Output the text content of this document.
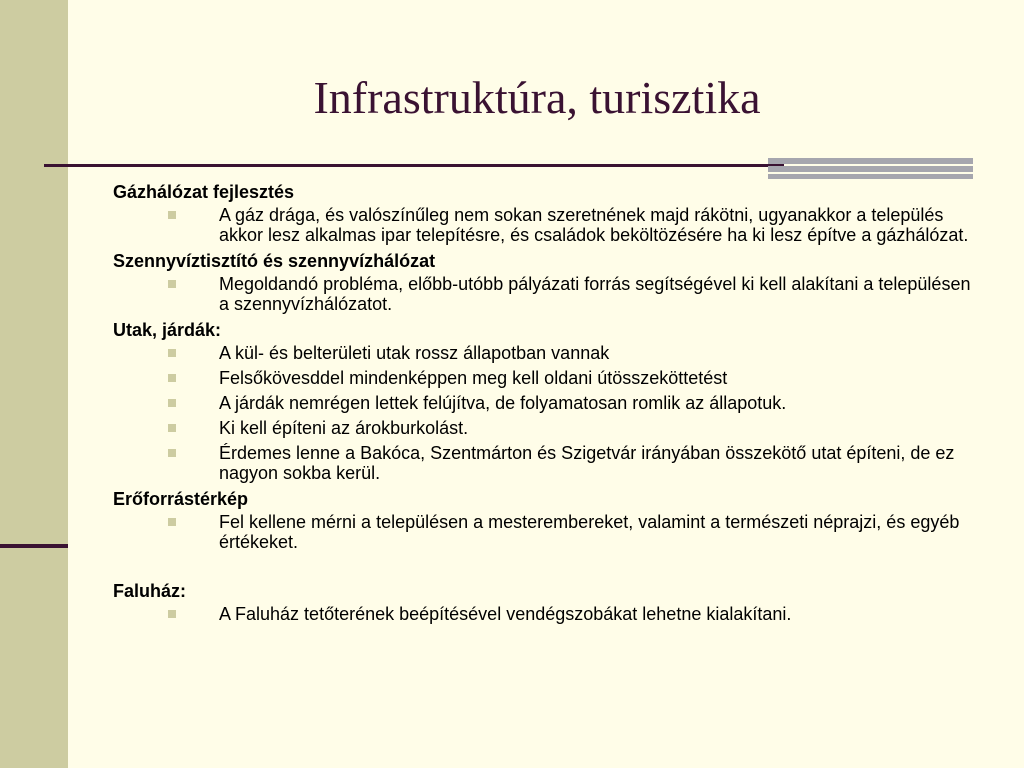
Infrastruktúra, turisztika
Gázhálózat fejlesztés
A gáz drága, és valószínűleg nem sokan szeretnének majd rákötni, ugyanakkor a település akkor lesz alkalmas ipar telepítésre, és családok beköltözésére ha ki lesz építve a gázhálózat.
Szennyvíztisztító és szennyvízhálózat
Megoldandó probléma, előbb-utóbb pályázati forrás segítségével ki kell alakítani a településen a szennyvízhálózatot.
Utak, járdák:
A kül- és belterületi utak rossz állapotban vannak
Felsőkövesddel mindenképpen meg kell oldani útösszeköttetést
A járdák nemrégen lettek felújítva, de folyamatosan romlik az állapotuk.
Ki kell építeni az árokburkolást.
Érdemes lenne a Bakóca, Szentmárton és Szigetvár irányában összekötő utat építeni, de ez nagyon sokba kerül.
Erőforrástérkép
Fel kellene mérni a településen a mesterembereket, valamint a természeti néprajzi, és egyéb értékeket.
Faluház:
A Faluház tetőterének beépítésével vendégszobákat lehetne kialakítani.
